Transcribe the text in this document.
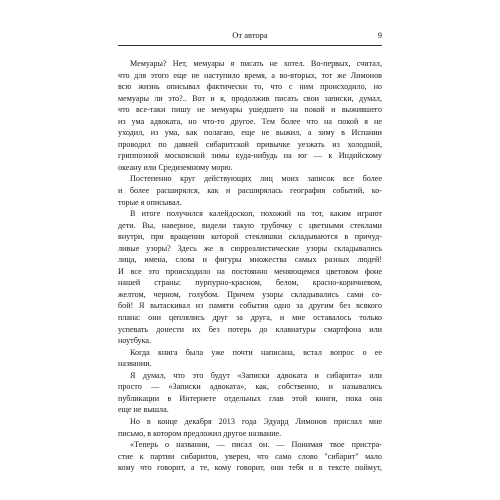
От автора	9
Мемуары? Нет, мемуары я писать не хотел. Во-первых, считал,
что для этого еще не наступило время, а во-вторых, тот же Лимонов
всю жизнь описывал фактически то, что с ним происходило, но
мемуары ли это?.. Вот и я, продолжив писать свои записки, думал,
что все-таки пишу не мемуары ушедшего на покой и выжившего
из ума адвоката, но что-то другое. Тем более что на покой я не
уходил, из ума, как полагаю, еще не выжил, а зиму в Испании
проводил по давней сибаритской привычке уезжать из холодной,
гриппозной московской зимы куда-нибудь на юг — к Индийскому
океану или Средиземному морю.
Постепенно круг действующих лиц моих записок все более
и более расширялся, как и расширялась география событий, ко-
торые я описывал.
В итоге получился калейдоскоп, похожий на тот, каким играют
дети. Вы, наверное, видели такую трубочку с цветными стеклами
внутри, при вращении которой стекляшки складываются в причуд-
ливые узоры? Здесь же в сюрреалистические узоры складывались
лица, имена, слова и фигуры множества самых разных людей!
И все это происходило на постоянно меняющемся цветовом фоне
нашей страны: пурпурно-красном, белом, красно-коричневом,
желтом, черном, голубом. Причем узоры складывались сами со-
бой! Я вытаскивал из памяти события одно за другим без всякого
плана: они цеплялись друг за друга, и мне оставалось только
успевать донести их без потерь до клавиатуры смартфона или
ноутбука.
Когда книга была уже почти написана, встал вопрос о ее
названии.
Я думал, что это будут «Записки адвоката и сибарита» или
просто — «Записки адвоката», как, собственно, и назывались
публикации в Интернете отдельных глав этой книги, пока она
еще не вышла.
Но в конце декабря 2013 года Эдуард Лимонов прислал мне
письмо, в котором предложил другое название.
«Теперь о названии, — писал он. — Понимая твое пристра-
стие к партии сибаритов, уверен, что само слово "сибарит" мало
кому что говорит, а те, кому говорит, они тебя и в тексте поймут,
